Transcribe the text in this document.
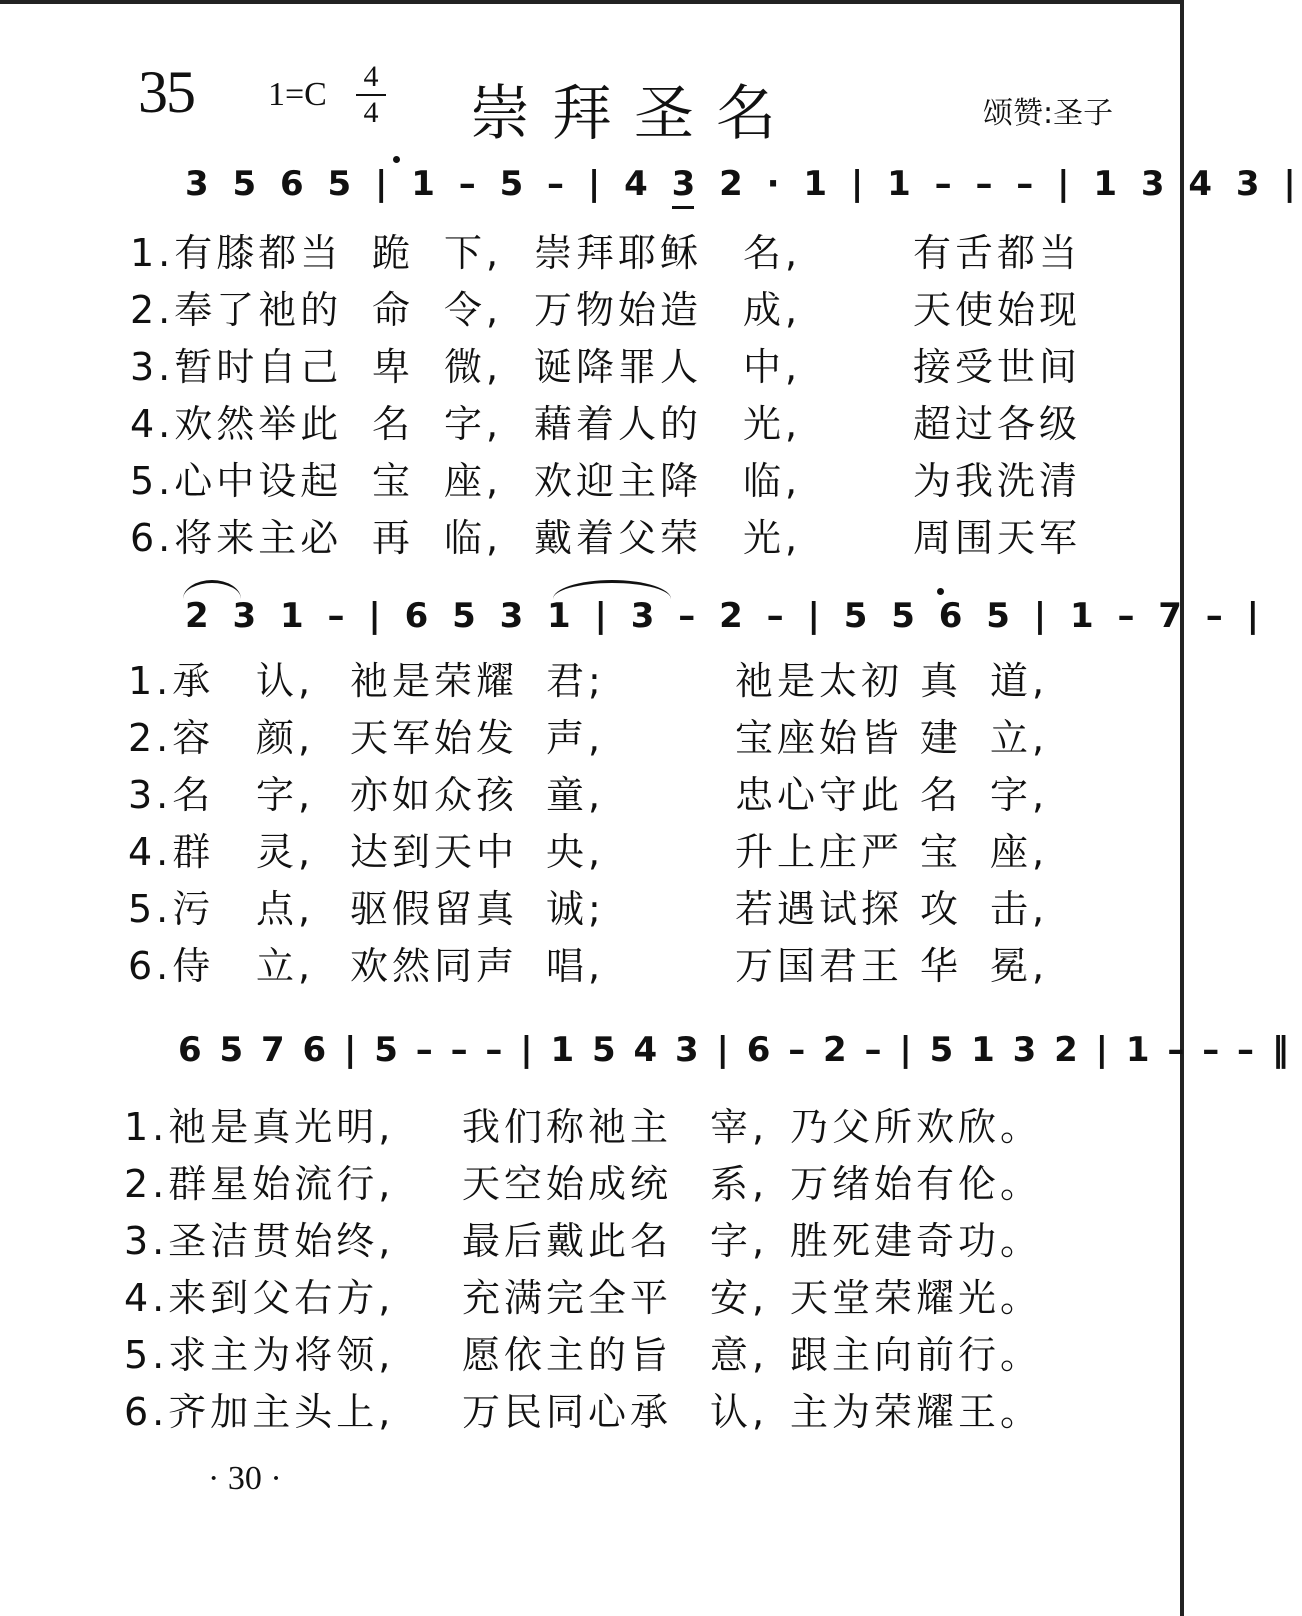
35 1=C 4
4 崇拜圣名	颂赞:圣子
3 5 6 5 | 1 – 5 – | 4 3 2 · 1 | 1 – – – | 1 3 4 3 |
1.有膝都当 跪 下, 崇拜耶稣 名,	有舌都当
2.奉了祂的 命 令, 万物始造 成,	天使始现
3.暂时自己 卑 微, 诞降罪人 中,	接受世间
4.欢然举此 名 字, 藉着人的 光,	超过各级
5.心中设起 宝 座, 欢迎主降 临,	为我洗清
6.将来主必 再 临, 戴着父荣 光,	周围天军
2 3 1 – | 6 5 3 1 | 3 – 2 – | 5 5 6 5 | 1 – 7 – |
1.承 认, 祂是荣耀 君;	祂是太初 真 道,
2.容 颜, 天军始发 声,	宝座始皆 建 立,
3.名 字, 亦如众孩 童,	忠心守此 名 字,
4.群 灵, 达到天中 央,	升上庄严 宝 座,
5.污 点, 驱假留真 诚;	若遇试探 攻 击,
6.侍 立, 欢然同声 唱,	万国君王 华 冕,
6 5 7 6 | 5 – – – | 1 5 4 3 | 6 – 2 – | 5 1 3 2 | 1 – – – ‖
1.祂是真光明, 我们称祂主 宰, 乃父所欢欣。
2.群星始流行, 天空始成统 系, 万绪始有伦。
3.圣洁贯始终, 最后戴此名 字, 胜死建奇功。
4.来到父右方, 充满完全平 安, 天堂荣耀光。
5.求主为将领, 愿依主的旨 意, 跟主向前行。
6.齐加主头上, 万民同心承 认, 主为荣耀王。
· 30 ·
